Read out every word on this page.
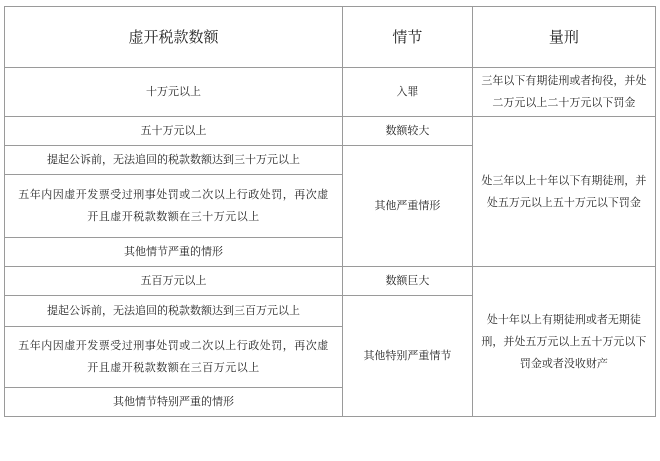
虚开税款数额	情节	量刑
十万元以上	入罪	三年以下有期徒刑或者拘役，并处二万元以上二十万元以下罚金
五十万元以上	数额较大	处三年以上十年以下有期徒刑，并处五万元以上五十万元以下罚金
提起公诉前，无法追回的税款数额达到三十万元以上	其他严重情形	
五年内因虚开发票受过刑事处罚或二次以上行政处罚，再次虚开且虚开税款数额在三十万元以上		
其他情节严重的情形		
五百万元以上	数额巨大	处十年以上有期徒刑或者无期徒刑，并处五万元以上五十万元以下罚金或者没收财产
提起公诉前，无法追回的税款数额达到三百万元以上	其他特别严重情节	
五年内因虚开发票受过刑事处罚或二次以上行政处罚，再次虚开且虚开税款数额在三百万元以上		
其他情节特别严重的情形		
